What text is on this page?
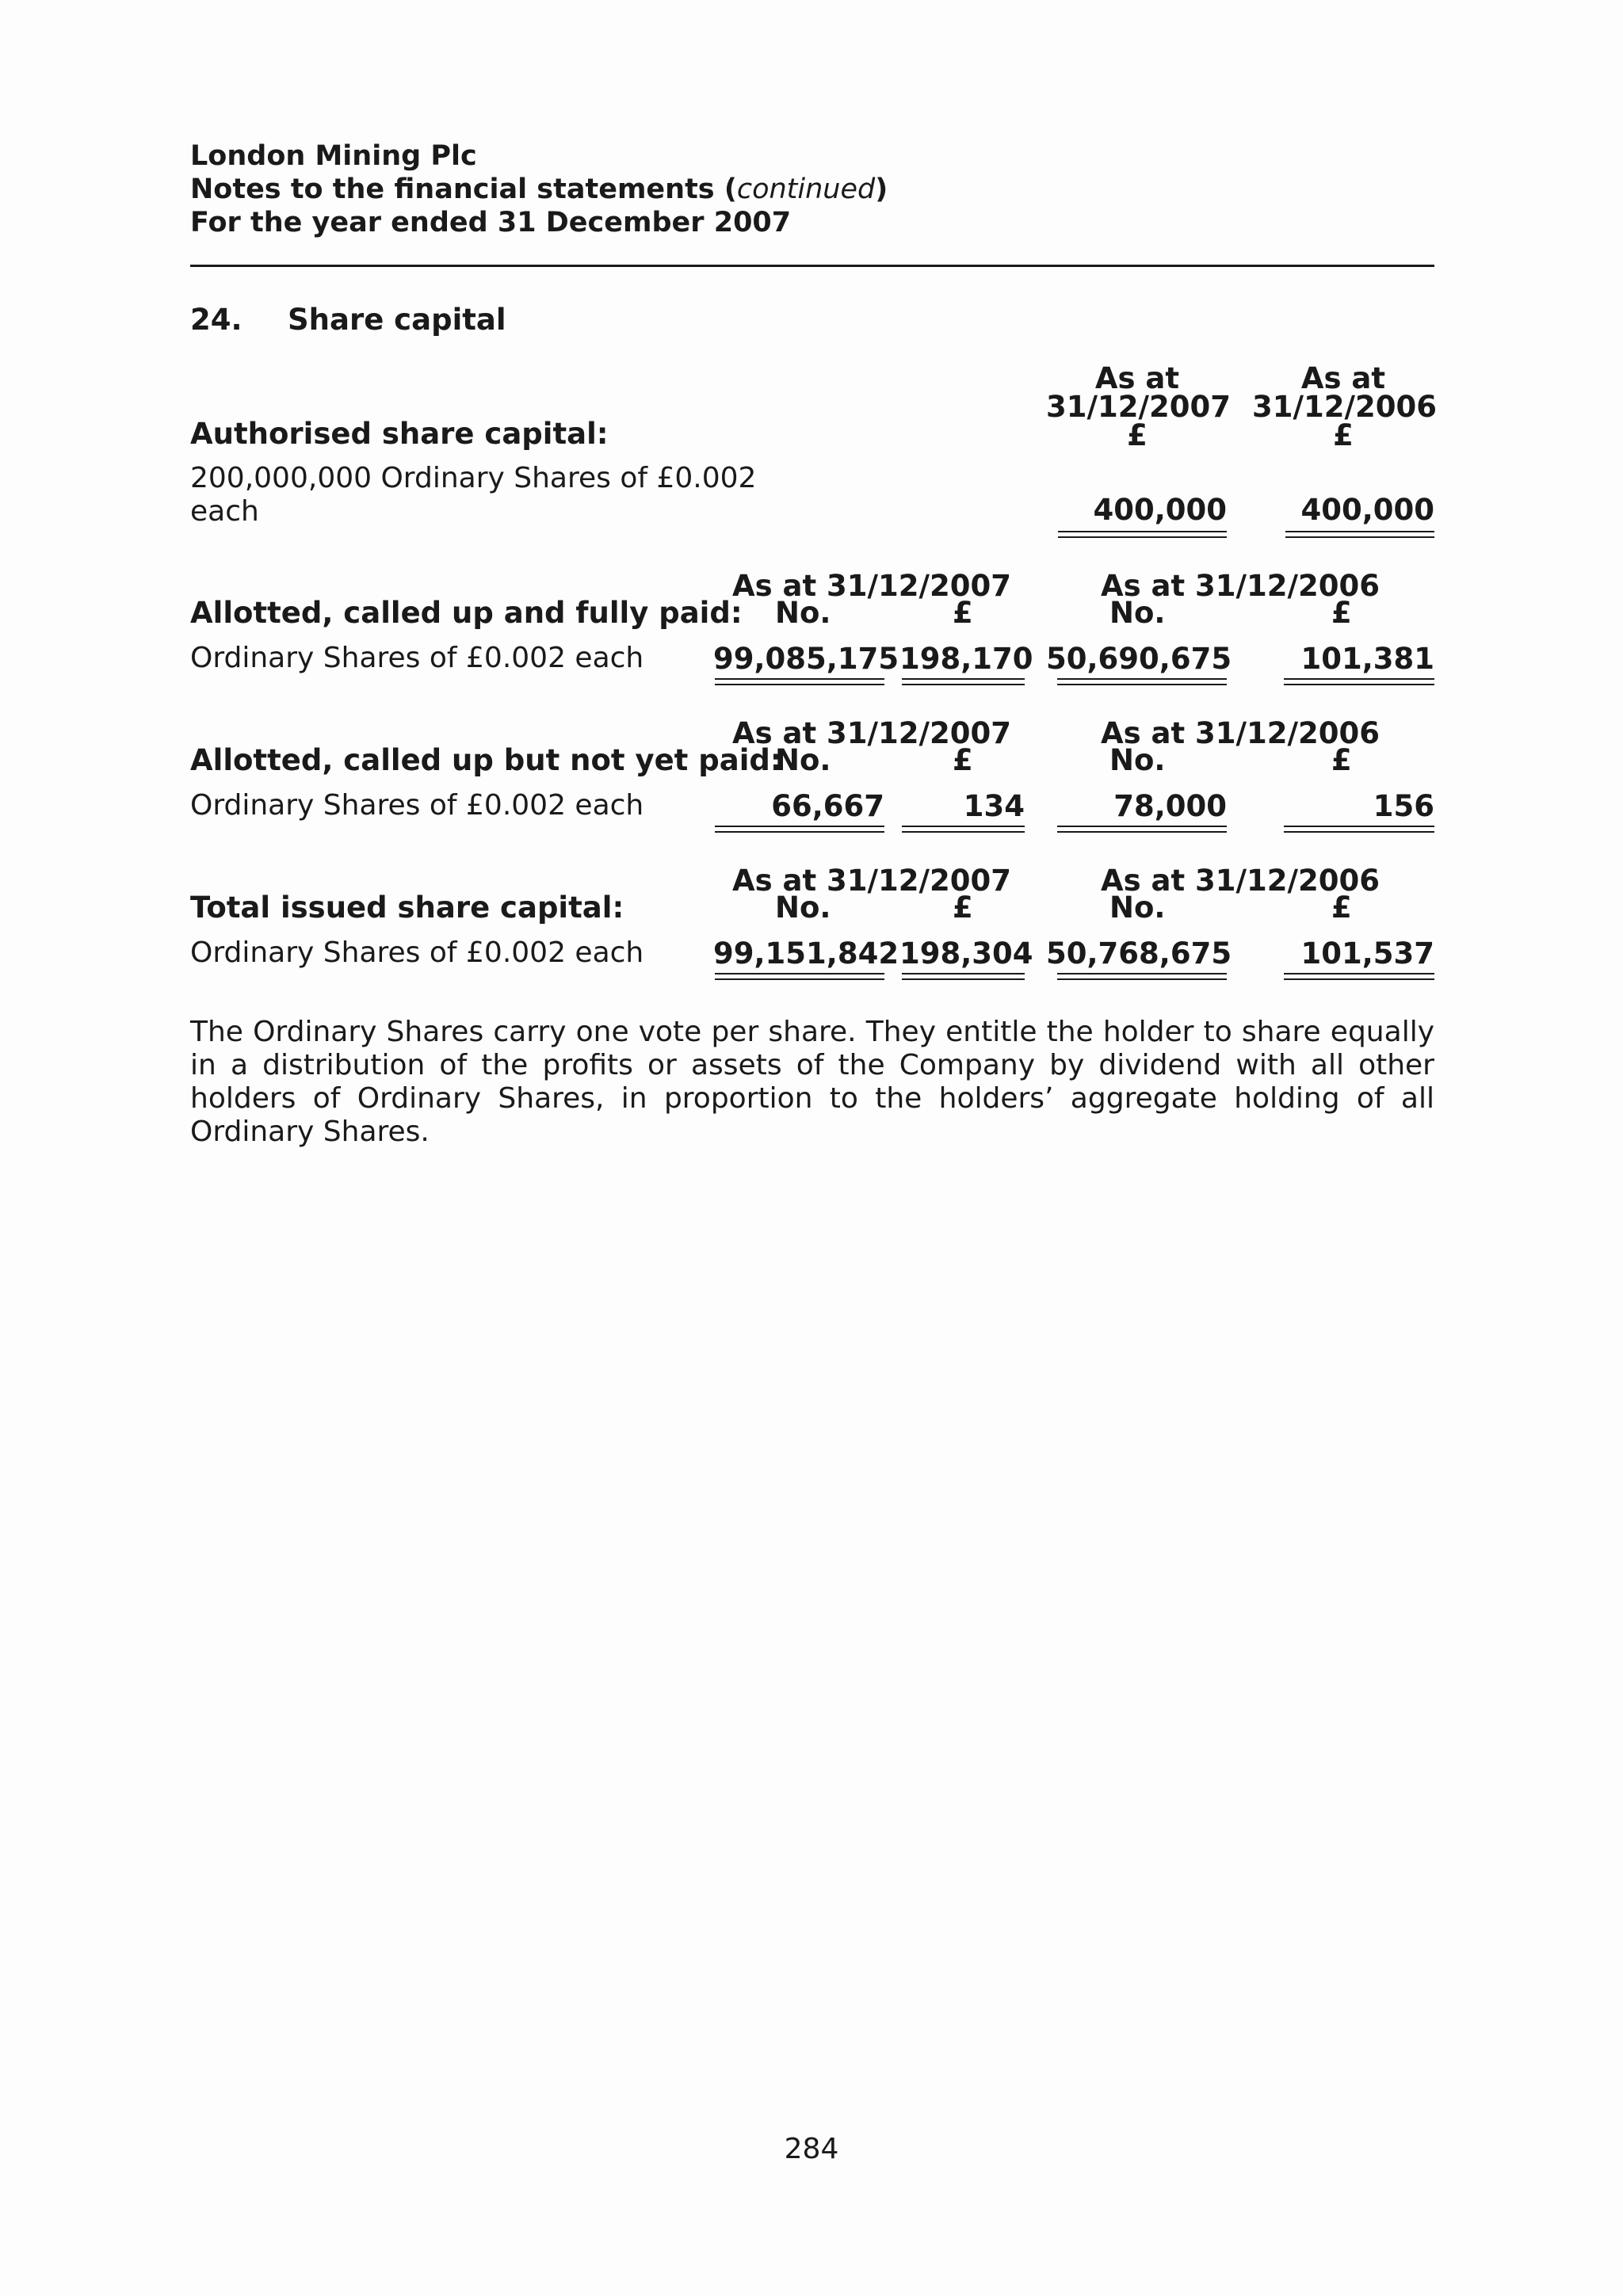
London Mining Plc
Notes to the financial statements (continued)
For the year ended 31 December 2007
24. Share capital
As at
31/12/2007
£
As at
31/12/2006
£
Authorised share capital:
200,000,000 Ordinary Shares of £0.002
each	400,000	400,000
As at 31/12/2007	As at 31/12/2006
No.	£	No.	£
Allotted, called up and fully paid:
Ordinary Shares of £0.002 each 99,085,175 198,170 50,690,675	101,381
As at 31/12/2007	As at 31/12/2006
No.	£	No.	£
Allotted, called up but not yet paid:
Ordinary Shares of £0.002 each	66,667	134	78,000	156
As at 31/12/2007	As at 31/12/2006
No.	£	No.	£
Total issued share capital:
Ordinary Shares of £0.002 each 99,151,842 198,304 50,768,675	101,537
The Ordinary Shares carry one vote per share. They entitle the holder to share equally in a distribution of the profits or assets of the Company by dividend with all other holders of Ordinary Shares, in proportion to the holders’ aggregate holding of all Ordinary Shares.
284
